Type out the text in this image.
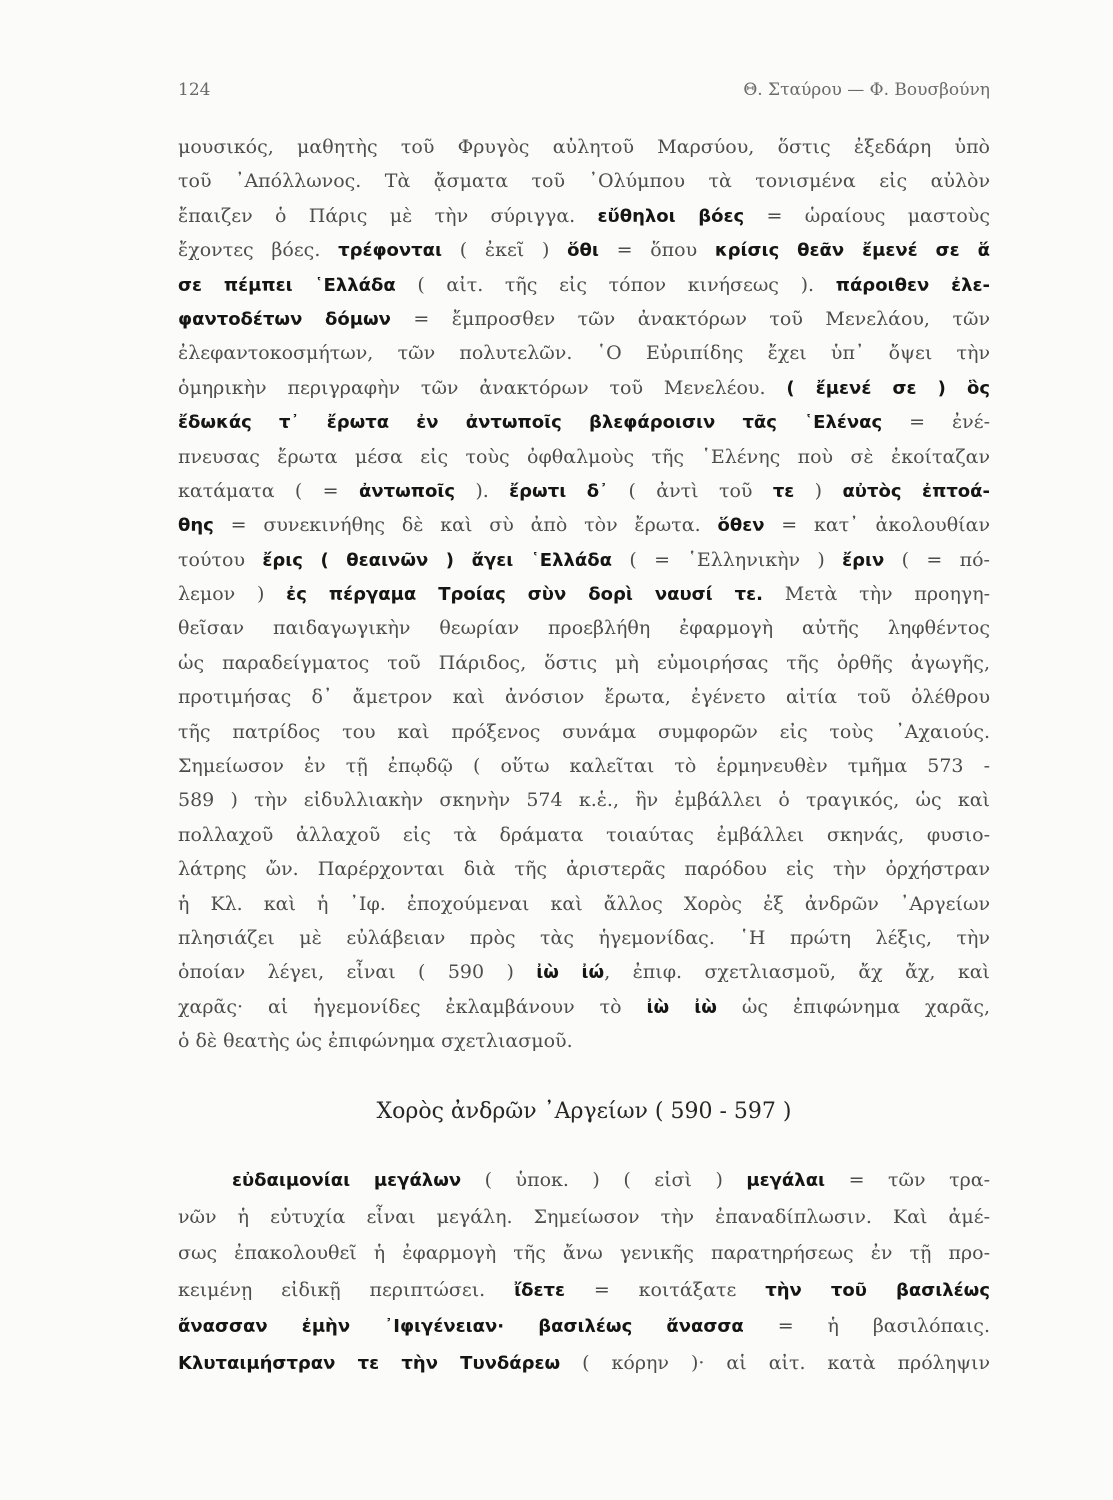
124	Θ. Σταύρου — Φ. Βουσβούνη
μουσικός, μαθητὴς τοῦ Φρυγὸς αὐλητοῦ Μαρσύου, ὅστις ἐξεδάρη ὑπὸ
τοῦ ᾿Απόλλωνος. Τὰ ᾄσματα τοῦ ᾿Ολύμπου τὰ τονισμένα εἰς αὐλὸν
ἔπαιζεν ὁ Πάρις μὲ τὴν σύριγγα. εὔθηλοι βόες = ὡραίους μαστοὺς
ἔχοντες βόες. τρέφονται ( ἐκεῖ ) ὅθι = ὅπου κρίσις θεᾶν ἔμενέ σε ἅ
σε πέμπει ῾Ελλάδα ( αἰτ. τῆς εἰς τόπον κινήσεως ). πάροιθεν ἐλε-
φαντοδέτων δόμων = ἔμπροσθεν τῶν ἀνακτόρων τοῦ Μενελάου, τῶν
ἐλεφαντοκοσμήτων, τῶν πολυτελῶν. ῾Ο Εὐριπίδης ἔχει ὑπ᾽ ὄψει τὴν
ὁμηρικὴν περιγραφὴν τῶν ἀνακτόρων τοῦ Μενελέου. ( ἔμενέ σε ) ὃς
ἔδωκάς τ᾽ ἔρωτα ἐν ἀντωποῖς βλεφάροισιν τᾶς ῾Ελένας = ἐνέ-
πνευσας ἔρωτα μέσα εἰς τοὺς ὀφθαλμοὺς τῆς ῾Ελένης ποὺ σὲ ἐκοίταζαν
κατάματα ( = ἀντωποῖς ). ἔρωτι δ᾽ ( ἀντὶ τοῦ τε ) αὐτὸς ἐπτοά-
θης = συνεκινήθης δὲ καὶ σὺ ἀπὸ τὸν ἔρωτα. ὅθεν = κατ᾽ ἀκολουθίαν
τούτου ἔρις ( θεαινῶν ) ἄγει ῾Ελλάδα ( = ῾Ελληνικὴν ) ἔριν ( = πό-
λεμον ) ἐς πέργαμα Τροίας σὺν δορὶ ναυσί τε. Μετὰ τὴν προηγη-
θεῖσαν παιδαγωγικὴν θεωρίαν προεβλήθη ἐφαρμογὴ αὐτῆς ληφθέντος
ὡς παραδείγματος τοῦ Πάριδος, ὅστις μὴ εὐμοιρήσας τῆς ὀρθῆς ἀγωγῆς,
προτιμήσας δ᾽ ἄμετρον καὶ ἀνόσιον ἔρωτα, ἐγένετο αἰτία τοῦ ὀλέθρου
τῆς πατρίδος του καὶ πρόξενος συνάμα συμφορῶν εἰς τοὺς ᾿Αχαιούς.
Σημείωσον ἐν τῇ ἐπῳδῷ ( οὕτω καλεῖται τὸ ἑρμηνευθὲν τμῆμα 573 -
589 ) τὴν εἰδυλλιακὴν σκηνὴν 574 κ.ἑ., ἣν ἐμβάλλει ὁ τραγικός, ὡς καὶ
πολλαχοῦ ἀλλαχοῦ εἰς τὰ δράματα τοιαύτας ἐμβάλλει σκηνάς, φυσιο-
λάτρης ὤν. Παρέρχονται διὰ τῆς ἀριστερᾶς παρόδου εἰς τὴν ὀρχήστραν
ἡ Κλ. καὶ ἡ ᾿Ιφ. ἐποχούμεναι καὶ ἄλλος Χορὸς ἐξ ἀνδρῶν ᾿Αργείων
πλησιάζει μὲ εὐλάβειαν πρὸς τὰς ἡγεμονίδας. ῾Η πρώτη λέξις, τὴν
ὁποίαν λέγει, εἶναι ( 590 ) ἰὼ ἰώ, ἐπιφ. σχετλιασμοῦ, ἄχ ἄχ, καὶ
χαρᾶς· αἱ ἡγεμονίδες ἐκλαμβάνουν τὸ ἰὼ ἰὼ ὡς ἐπιφώνημα χαρᾶς,
ὁ δὲ θεατὴς ὡς ἐπιφώνημα σχετλιασμοῦ.
Χορὸς ἀνδρῶν ᾿Αργείων ( 590 - 597 )
εὐδαιμονίαι μεγάλων ( ὑποκ. ) ( εἰσὶ ) μεγάλαι = τῶν τρα-
νῶν ἡ εὐτυχία εἶναι μεγάλη. Σημείωσον τὴν ἐπαναδίπλωσιν. Καὶ ἀμέ-
σως ἐπακολουθεῖ ἡ ἐφαρμογὴ τῆς ἄνω γενικῆς παρατηρήσεως ἐν τῇ προ-
κειμένῃ εἰδικῇ περιπτώσει. ἴδετε = κοιτάξατε τὴν τοῦ βασιλέως
ἄνασσαν ἐμὴν ᾿Ιφιγένειαν· βασιλέως ἄνασσα = ἡ βασιλόπαις.
Κλυταιμήστραν τε τὴν Τυνδάρεω ( κόρην )· αἱ αἰτ. κατὰ πρόληψιν
